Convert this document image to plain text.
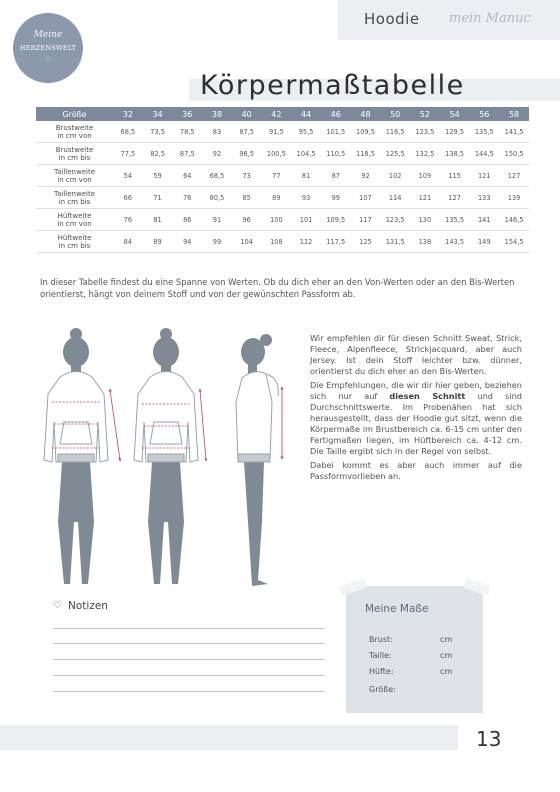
Hoodie mein Manuc
Meine
HERZENSWELT
♡
Körpermaßtabelle
Größe	32	34	36	38	40	42	44	46	48	50	52	54	56	58

Brustweite
in cm von	68,5	73,5	78,5	83	87,5	91,5	95,5	101,5	109,5	116,5	123,5	129,5	135,5	141,5

Brustweite
in cm bis	77,5	82,5	87,5	92	96,5	100,5	104,5	110,5	118,5	125,5	132,5	138,5	144,5	150,5

Taillenweite
in cm von	54	59	64	68,5	73	77	81	87	92	102	109	115	121	127

Taillenweite
in cm bis	66	71	76	80,5	85	89	93	99	107	114	121	127	133	139

Hüftweite
in cm von	76	81	86	91	96	100	101	109,5	117	123,5	130	135,5	141	146,5

Hüftweite
in cm bis	84	89	94	99	104	108	112	117,5	125	131,5	138	143,5	149	154,5
In dieser Tabelle findest du eine Spanne von Werten. Ob du dich eher an den Von-Werten oder an den Bis-Werten orientierst, hängt von deinem Stoff und von der gewünschten Passform ab.

Wir empfehlen dir für diesen Schnitt Sweat, Strick, Fleece, Alpenfleece, Strickjacquard, aber auch Jersey. Ist dein Stoff leichter bzw. dünner, orientierst du dich eher an den Bis-Werten.

Die Empfehlungen, die wir dir hier geben, beziehen sich nur auf diesen Schnitt und sind Durchschnittswerte. Im Probenähen hat sich herausgestellt, dass der Hoodie gut sitzt, wenn die Körpermaße im Brustbereich ca. 6-15 cm unter den Fertigmaßen liegen, im Hüftbereich ca. 4-12 cm. Die Taille ergibt sich in der Regel von selbst.

Dabei kommt es aber auch immer auf die Passformvorlieben an.

♡ Notizen	Meine Maße
Brust:	cm
Taille:	cm
Hüfte:	cm
Größe:
13
